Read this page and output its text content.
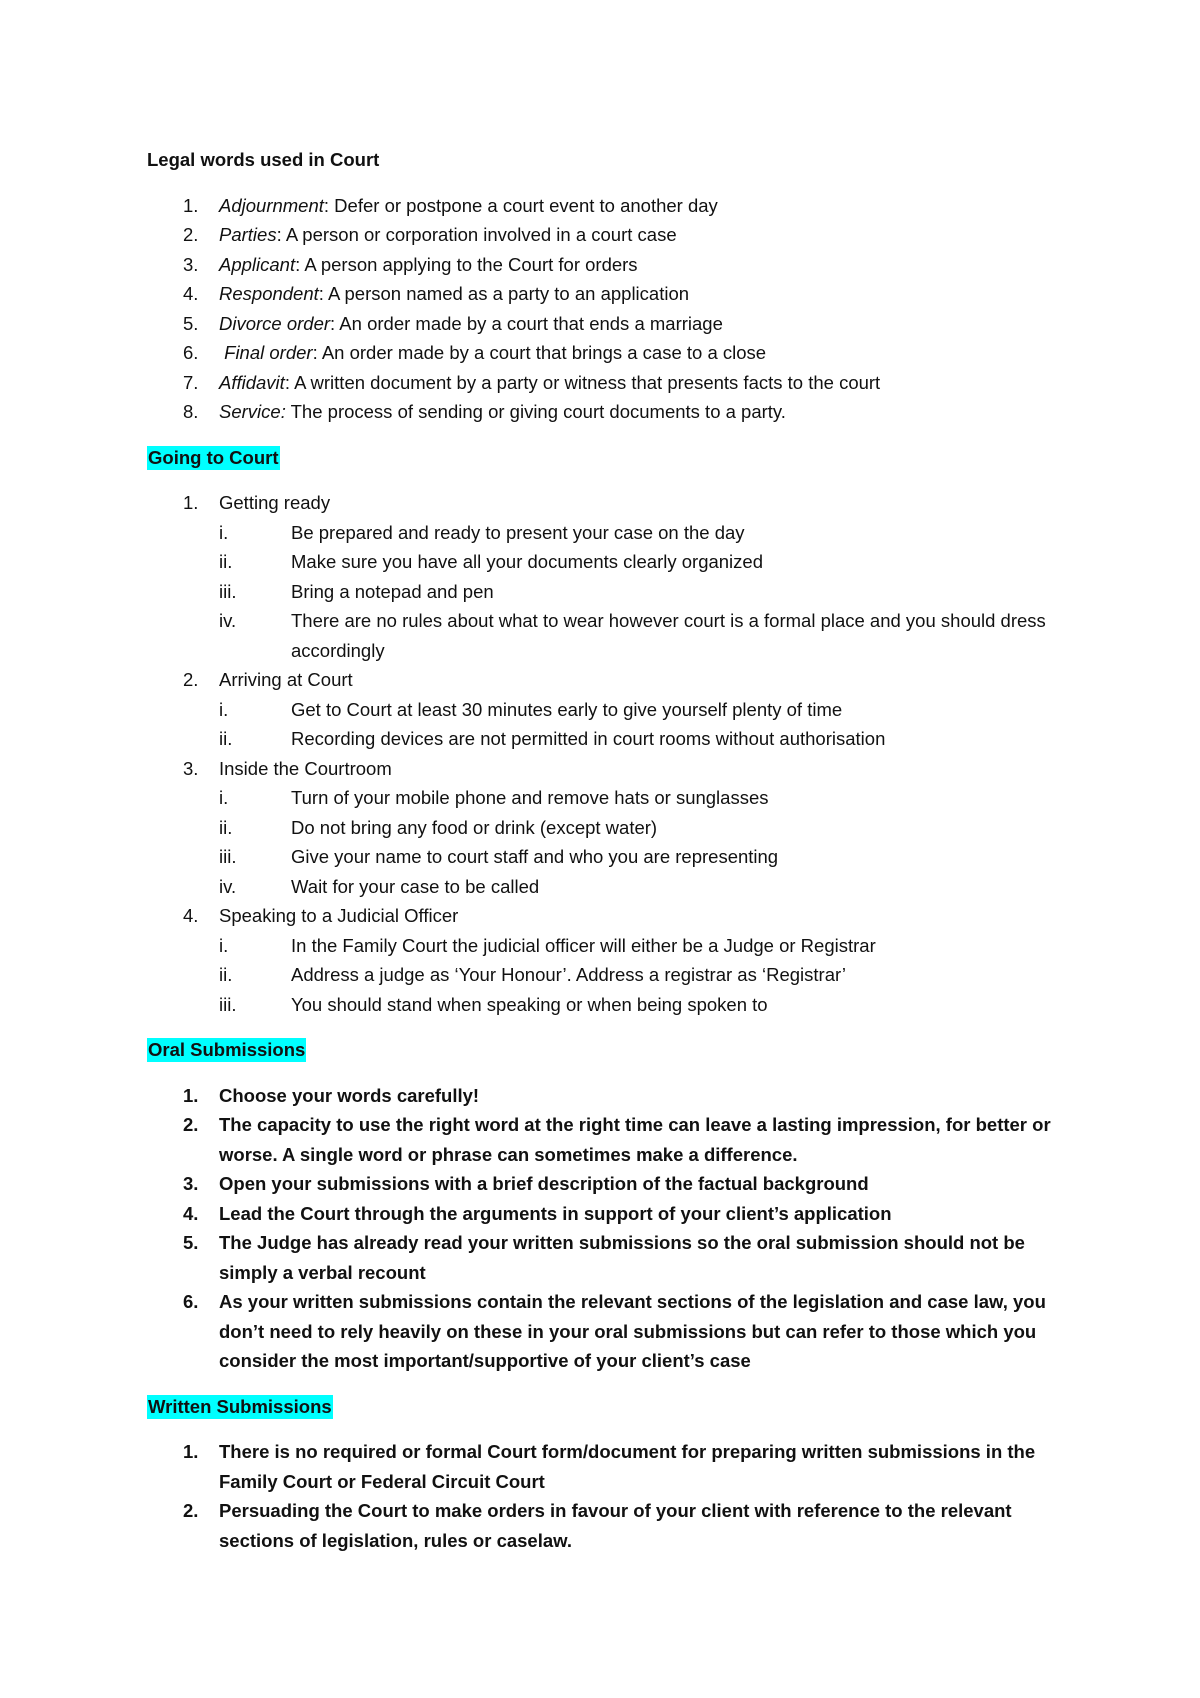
Legal words used in Court

1.	Adjournment: Defer or postpone a court event to another day
2.	Parties: A person or corporation involved in a court case
3.	Applicant: A person applying to the Court for orders
4.	Respondent: A person named as a party to an application
5.	Divorce order: An order made by a court that ends a marriage
6.	Final order: An order made by a court that brings a case to a close
7.	Affidavit: A written document by a party or witness that presents facts to the court
8.	Service: The process of sending or giving court documents to a party.

Going to Court

1.	Getting ready
i.	Be prepared and ready to present your case on the day
ii.	Make sure you have all your documents clearly organized
iii.	Bring a notepad and pen
iv.	There are no rules about what to wear however court is a formal place and you should dress accordingly
2.	Arriving at Court
i.	Get to Court at least 30 minutes early to give yourself plenty of time
ii.	Recording devices are not permitted in court rooms without authorisation
3.	Inside the Courtroom
i.	Turn of your mobile phone and remove hats or sunglasses
ii.	Do not bring any food or drink (except water)
iii.	Give your name to court staff and who you are representing
iv.	Wait for your case to be called
4.	Speaking to a Judicial Officer
i.	In the Family Court the judicial officer will either be a Judge or Registrar
ii.	Address a judge as ‘Your Honour’. Address a registrar as ‘Registrar’
iii.	You should stand when speaking or when being spoken to

Oral Submissions

1.	Choose your words carefully!
2.	The capacity to use the right word at the right time can leave a lasting impression, for better or worse. A single word or phrase can sometimes make a difference.
3.	Open your submissions with a brief description of the factual background
4.	Lead the Court through the arguments in support of your client’s application
5.	The Judge has already read your written submissions so the oral submission should not be simply a verbal recount
6.	As your written submissions contain the relevant sections of the legislation and case law, you don’t need to rely heavily on these in your oral submissions but can refer to those which you consider the most important/supportive of your client’s case

Written Submissions

1.	There is no required or formal Court form/document for preparing written submissions in the Family Court or Federal Circuit Court
2.	Persuading the Court to make orders in favour of your client with reference to the relevant sections of legislation, rules or caselaw.
